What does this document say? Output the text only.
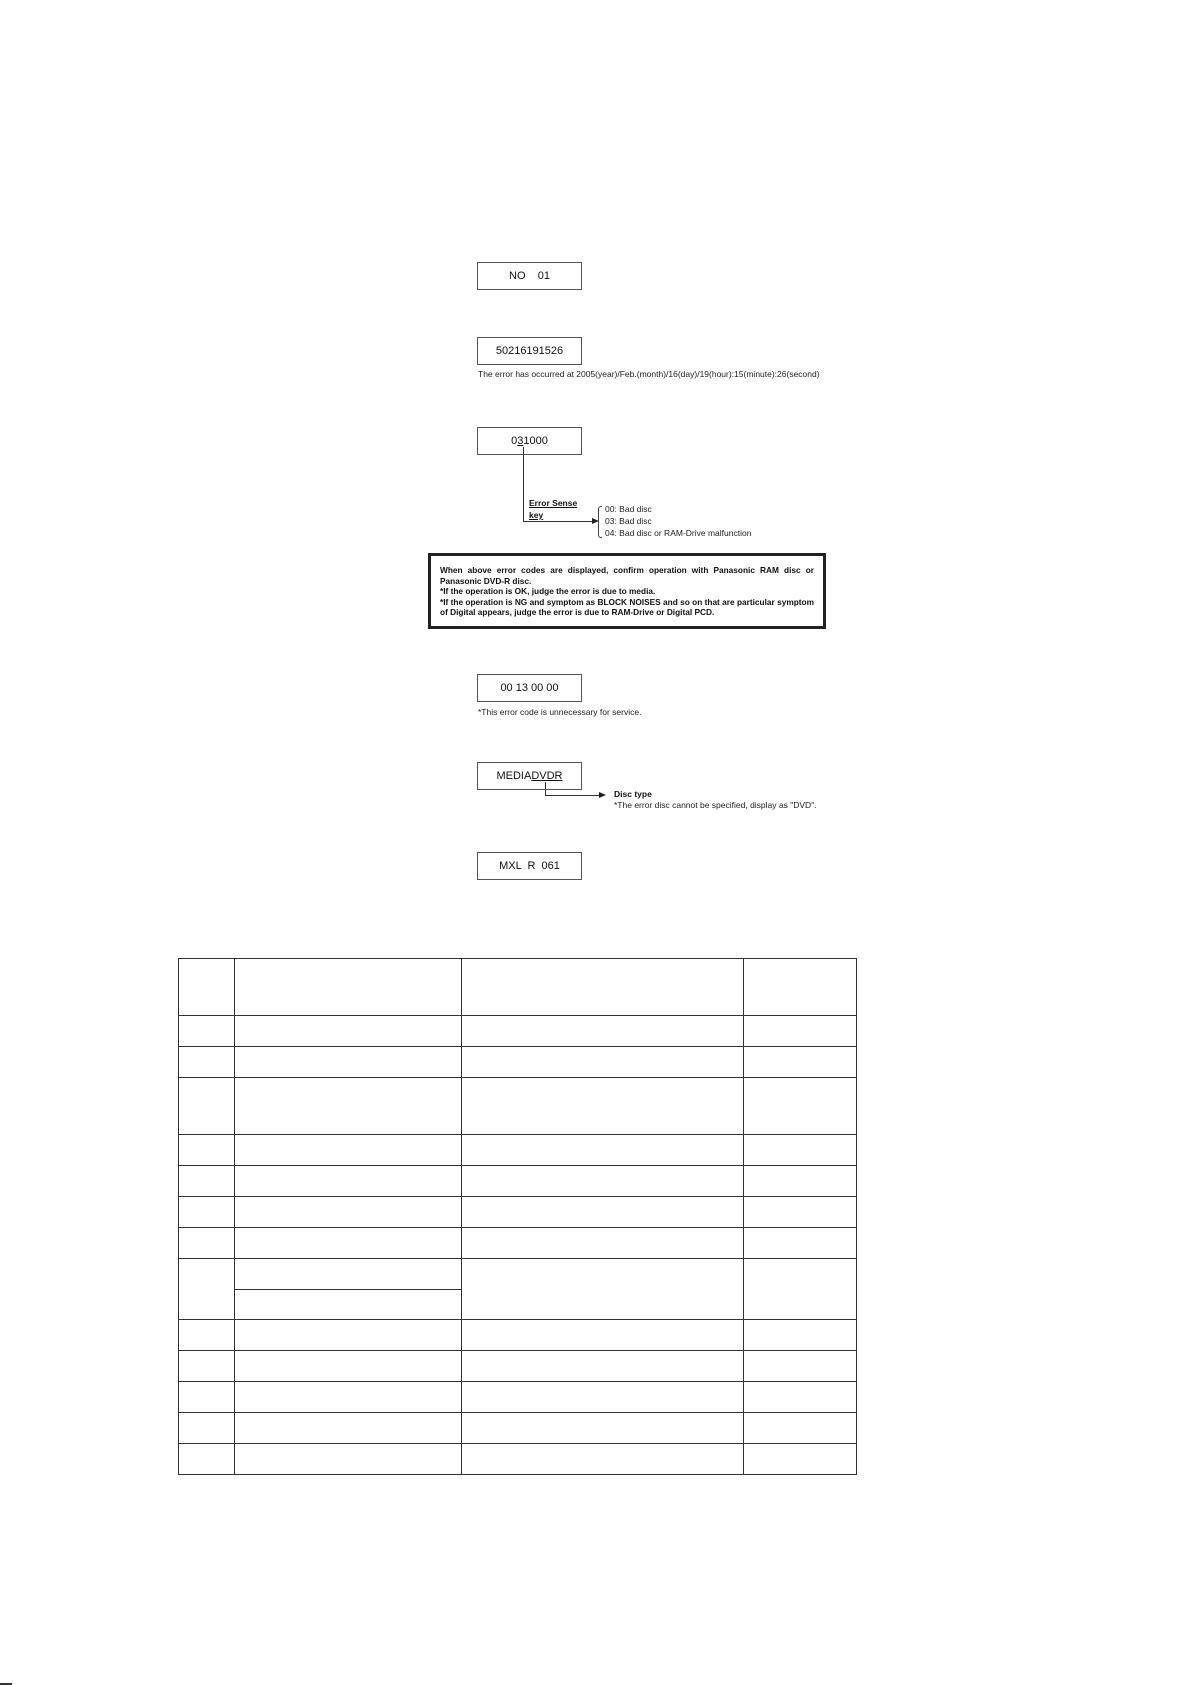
NO    01
50216191526
The error has occurred at 2005(year)/Feb.(month)/16(day)/19(hour):15(minute):26(second)
0 3 1000
Error Sense
key
00: Bad disc
03: Bad disc
04: Bad disc or RAM-Drive malfunction

When above error codes are displayed, confirm operation with Panasonic RAM disc or Panasonic DVD-R disc.

*If the operation is OK, judge the error is due to media.

*If the operation is NG and symptom as BLOCK NOISES and so on that are particular symptom of Digital appears, judge the error is due to RAM-Drive or Digital PCD.

00 13 00 00
*This error code is unnecessary for service.
MEDIA DVDR
Disc type
*The error disc cannot be specified, display as "DVD".
MXL  R  061
